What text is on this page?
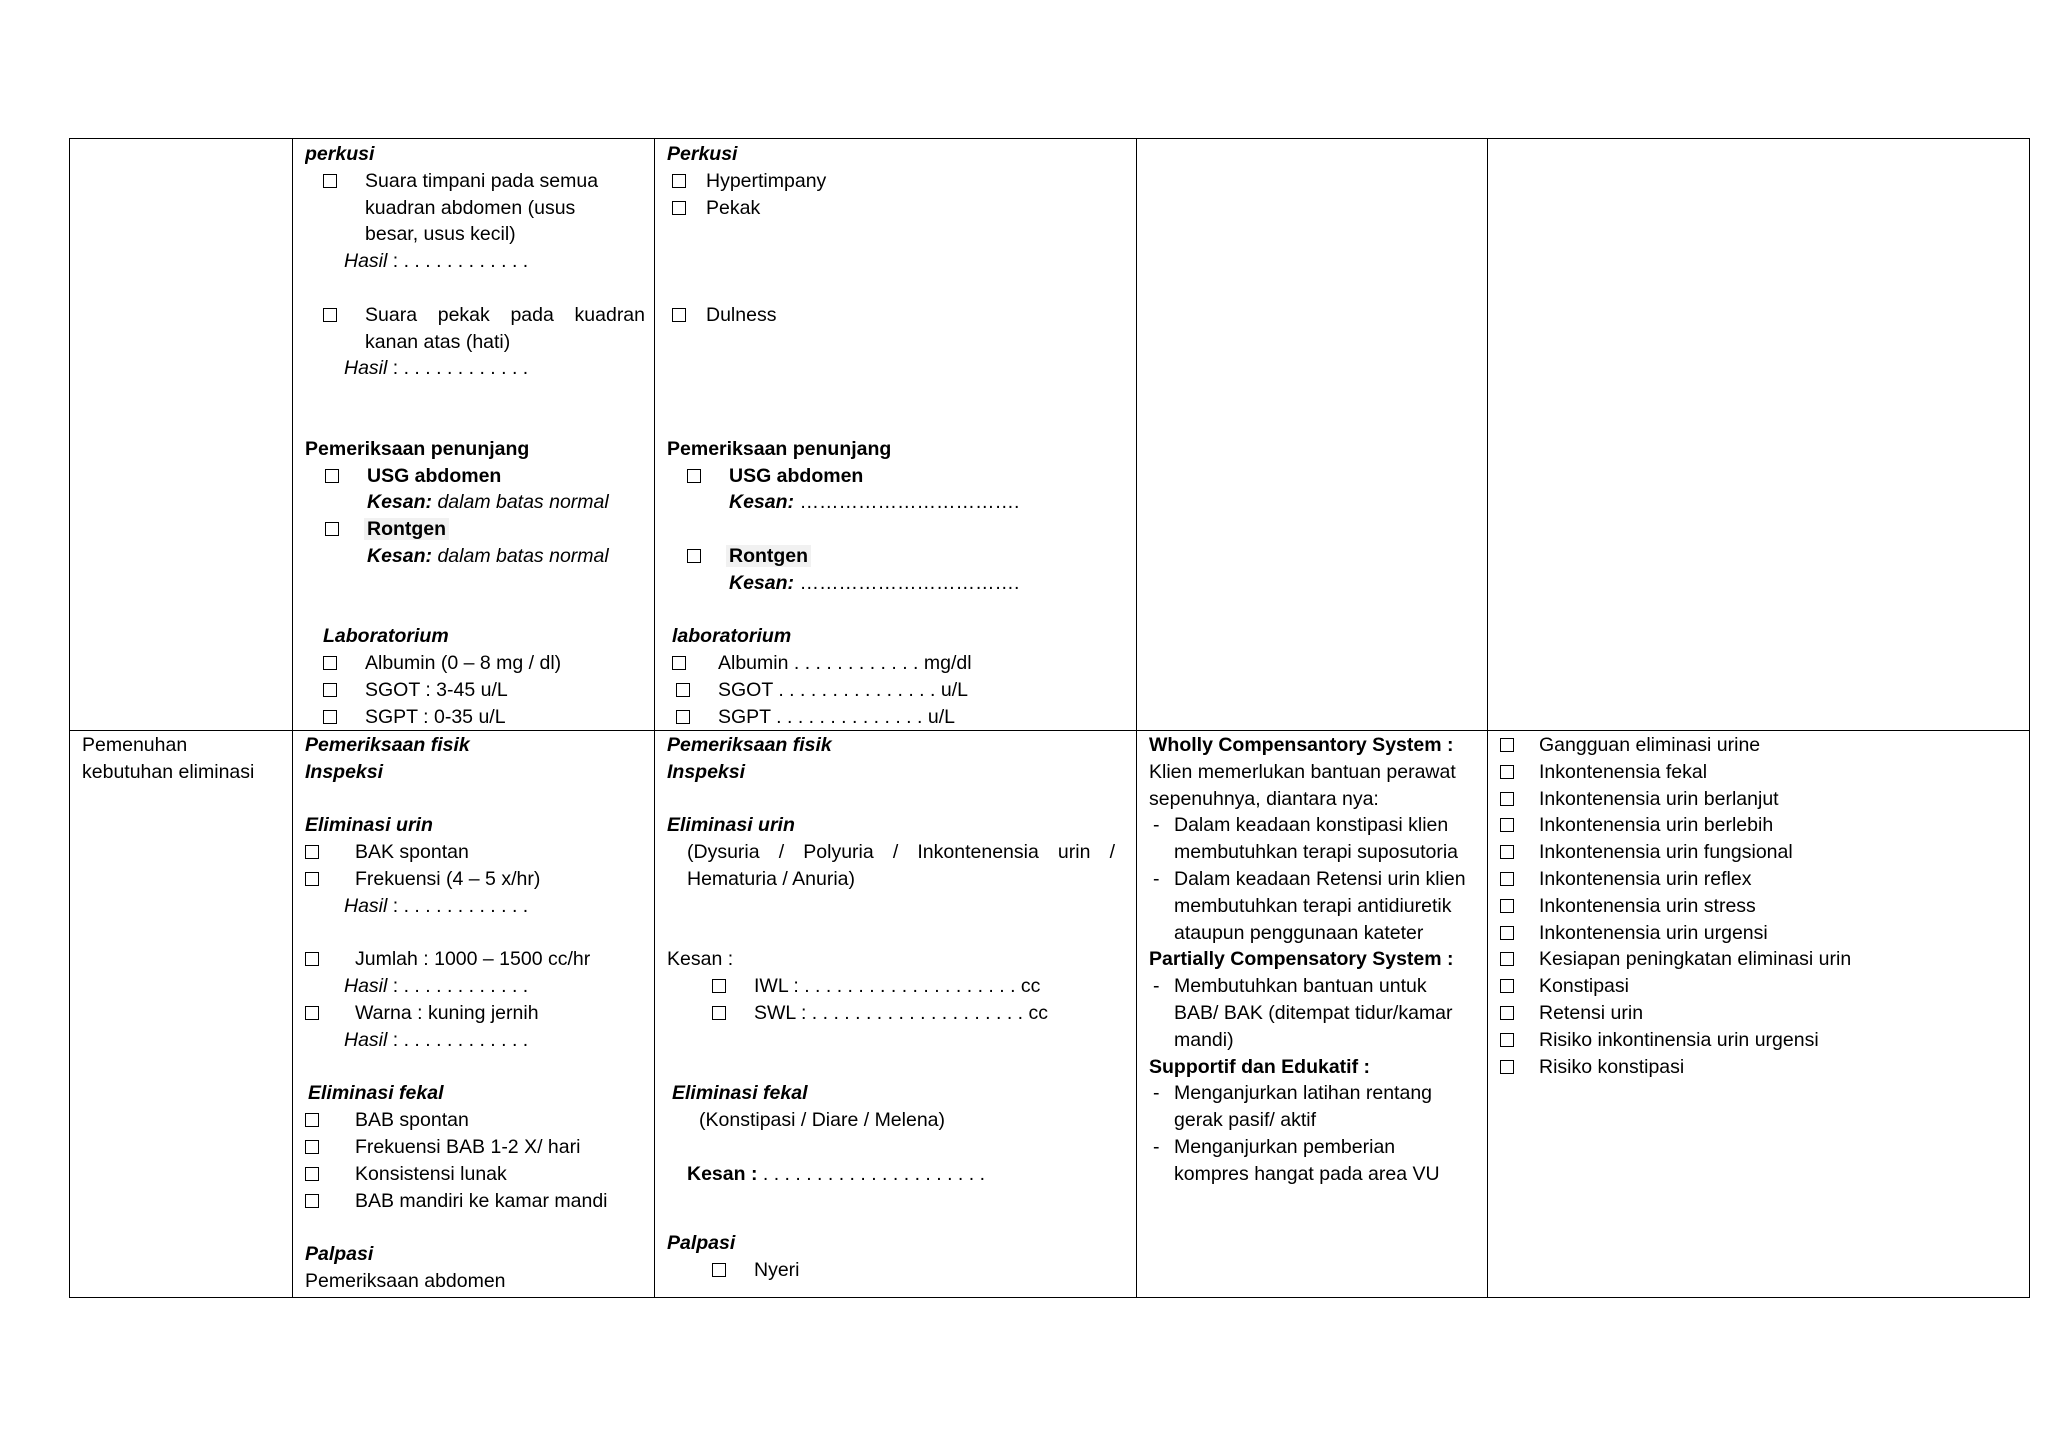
perkusi
Suara timpani pada semua
kuadran abdomen (usus
besar, usus kecil)
Hasil : . . . . . . . . . . . .
Suara pekak pada kuadran
kanan atas (hati)
Hasil : . . . . . . . . . . . .
Pemeriksaan penunjang
USG abdomen
Kesan: dalam batas normal
Rontgen
Kesan: dalam batas normal
Laboratorium
Albumin (0 – 8 mg / dl)
SGOT : 3-45 u/L
SGPT : 0-35 u/L
Perkusi
Hypertimpany
Pekak
Dulness
Pemeriksaan penunjang
USG abdomen
Kesan: …………………………….
Rontgen
Kesan: …………………………….
laboratorium
Albumin . . . . . . . . . . . . mg/dl
SGOT . . . . . . . . . . . . . . . u/L
SGPT . . . . . . . . . . . . . . u/L
Pemenuhan
kebutuhan eliminasi
Pemeriksaan fisik
Inspeksi
Eliminasi urin
BAK spontan
Frekuensi (4 – 5 x/hr)
Hasil : . . . . . . . . . . . .
Jumlah : 1000 – 1500 cc/hr
Hasil : . . . . . . . . . . . .
Warna : kuning jernih
Hasil : . . . . . . . . . . . .
Eliminasi fekal
BAB spontan
Frekuensi BAB 1-2 X/ hari
Konsistensi lunak
BAB mandiri ke kamar mandi
Palpasi
Pemeriksaan abdomen
Pemeriksaan fisik
Inspeksi
Eliminasi urin
(Dysuria / Polyuria / Inkontenensia urin /
Hematuria / Anuria)
Kesan :
IWL : . . . . . . . . . . . . . . . . . . . . cc
SWL : . . . . . . . . . . . . . . . . . . . . cc
Eliminasi fekal
(Konstipasi / Diare / Melena)
Kesan : . . . . . . . . . . . . . . . . . . . . .
Palpasi
Nyeri
Wholly Compensantory System :
Klien memerlukan bantuan perawat
sepenuhnya, diantara nya:
- Dalam keadaan konstipasi klien
membutuhkan terapi suposutoria
- Dalam keadaan Retensi urin klien
membutuhkan terapi antidiuretik
ataupun penggunaan kateter
Partially Compensatory System :
- Membutuhkan bantuan untuk
BAB/ BAK (ditempat tidur/kamar
mandi)
Supportif dan Edukatif :
- Menganjurkan latihan rentang
gerak pasif/ aktif
- Menganjurkan pemberian
kompres hangat pada area VU
Gangguan eliminasi urine
Inkontenensia fekal
Inkontenensia urin berlanjut
Inkontenensia urin berlebih
Inkontenensia urin fungsional
Inkontenensia urin reflex
Inkontenensia urin stress
Inkontenensia urin urgensi
Kesiapan peningkatan eliminasi urin
Konstipasi
Retensi urin
Risiko inkontinensia urin urgensi
Risiko konstipasi
